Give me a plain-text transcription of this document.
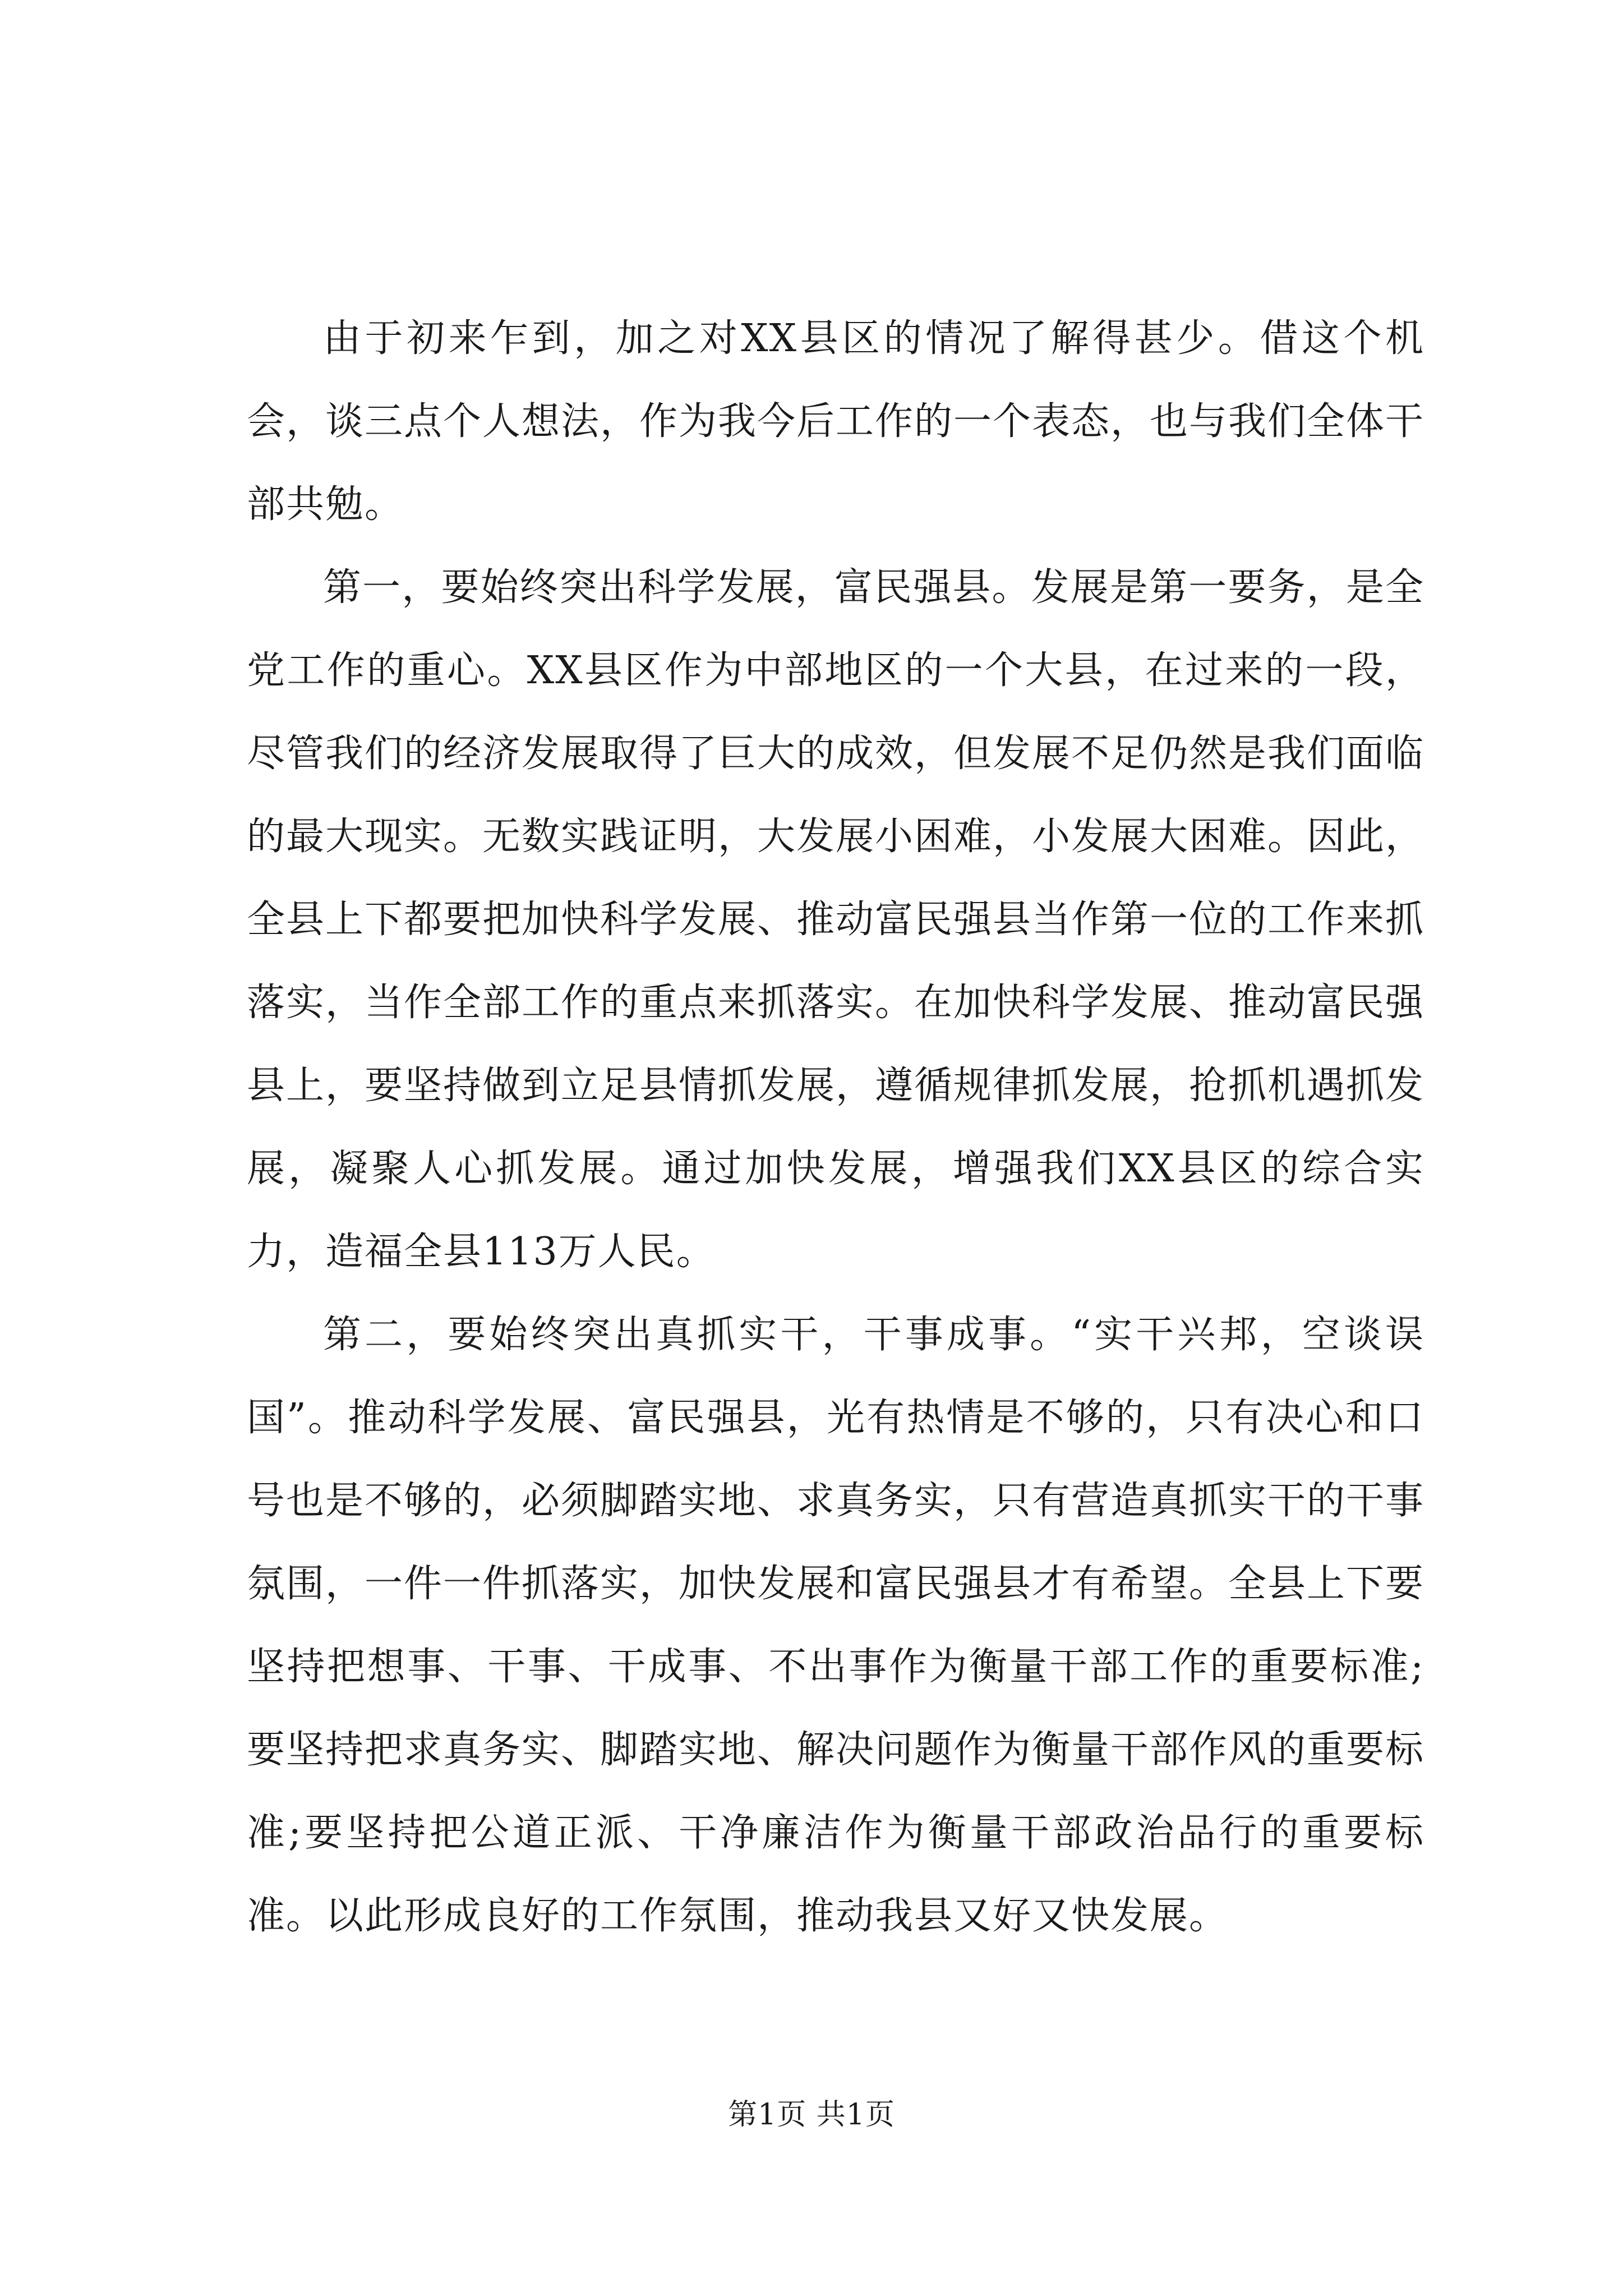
由于初来乍到，加之对XX县区的情况了解得甚少。借这个机会，谈三点个人想法，作为我今后工作的一个表态，也与我们全体干部共勉。

第一，要始终突出科学发展，富民强县。发展是第一要务，是全党工作的重心。XX县区作为中部地区的一个大县，在过来的一段，尽管我们的经济发展取得了巨大的成效，但发展不足仍然是我们面临的最大现实。无数实践证明，大发展小困难，小发展大困难。因此，全县上下都要把加快科学发展、推动富民强县当作第一位的工作来抓落实，当作全部工作的重点来抓落实。在加快科学发展、推动富民强县上，要坚持做到立足县情抓发展，遵循规律抓发展，抢抓机遇抓发展，凝聚人心抓发展。通过加快发展，增强我们XX县区的综合实力，造福全县113万人民。

第二，要始终突出真抓实干，干事成事。“实干兴邦，空谈误国”。推动科学发展、富民强县，光有热情是不够的，只有决心和口号也是不够的，必须脚踏实地、求真务实，只有营造真抓实干的干事氛围，一件一件抓落实，加快发展和富民强县才有希望。全县上下要坚持把想事、干事、干成事、不出事作为衡量干部工作的重要标准;要坚持把求真务实、脚踏实地、解决问题作为衡量干部作风的重要标准;要坚持把公道正派、干净廉洁作为衡量干部政治品行的重要标准。以此形成良好的工作氛围，推动我县又好又快发展。

第1页 共1页
